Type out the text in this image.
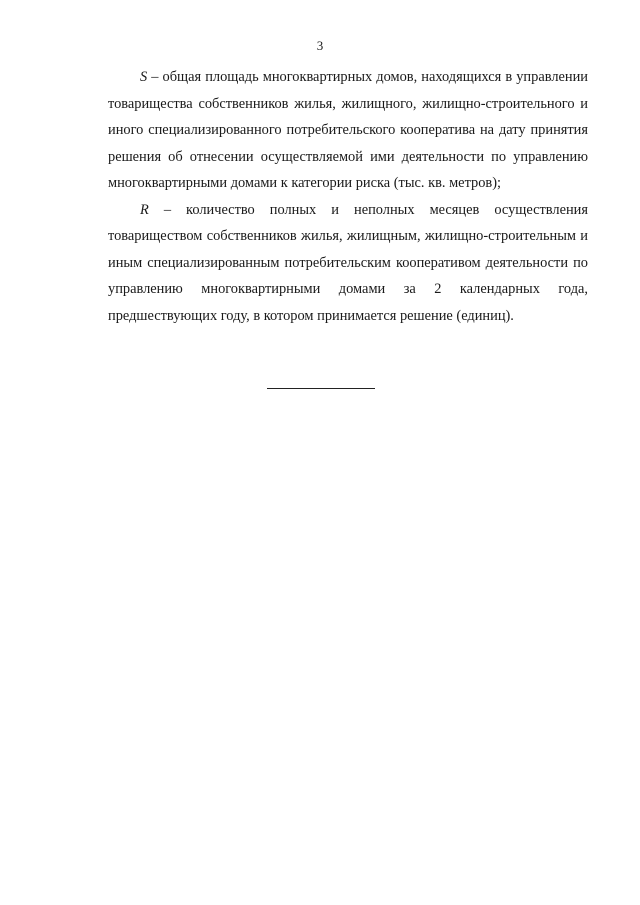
3

S – общая площадь многоквартирных домов, находящихся в управлении товарищества собственников жилья, жилищного, жилищно-строительного и иного специализированного потребительского кооператива на дату принятия решения об отнесении осуществляемой ими деятельности по управлению многоквартирными домами к категории риска (тыс. кв. метров);

R – количество полных и неполных месяцев осуществления товариществом собственников жилья, жилищным, жилищно-строительным и иным специализированным потребительским кооперативом деятельности по управлению многоквартирными домами за 2 календарных года, предшествующих году, в котором принимается решение (единиц).
